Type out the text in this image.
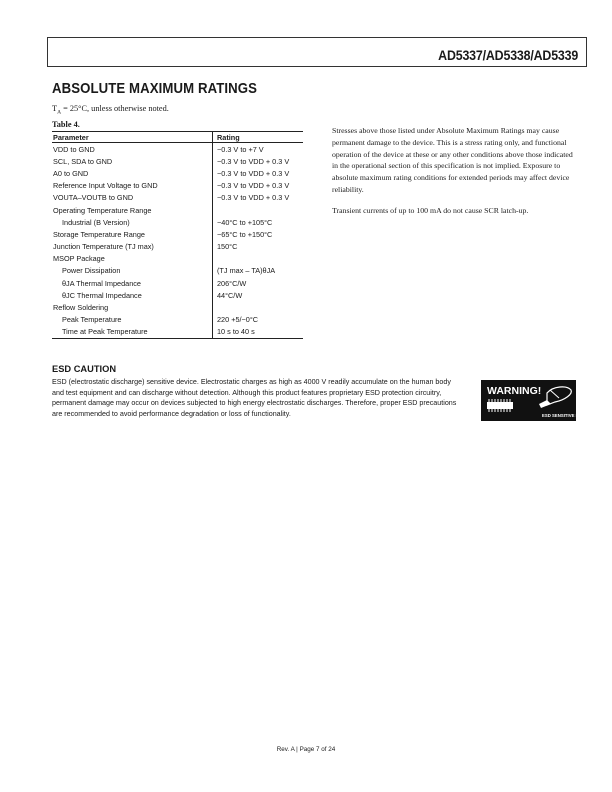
AD5337/AD5338/AD5339
ABSOLUTE MAXIMUM RATINGS
$T_A = 25^\circ C$, unless otherwise noted.
Table 4.
Parameter	Rating
VDD to GND	−0.3 V to +7 V
SCL, SDA to GND	−0.3 V to VDD + 0.3 V
A0 to GND	−0.3 V to VDD + 0.3 V
Reference Input Voltage to GND	−0.3 V to VDD + 0.3 V
VOUTA–VOUTB to GND	−0.3 V to VDD + 0.3 V
Operating Temperature Range	
Industrial (B Version)	−40°C to +105°C
Storage Temperature Range	−65°C to +150°C
Junction Temperature (TJ max)	150°C
MSOP Package	
Power Dissipation	(TJ max – TA)θJA
θJA Thermal Impedance	206°C/W
θJC Thermal Impedance	44°C/W
Reflow Soldering	
Peak Temperature	220 +5/−0°C
Time at Peak Temperature	10 s to 40 s

Stresses above those listed under Absolute Maximum Ratings may cause permanent damage to the device. This is a stress rating only, and functional operation of the device at these or any other conditions above those indicated in the operational section of this specification is not implied. Exposure to absolute maximum rating conditions for extended periods may affect device reliability.

Transient currents of up to 100 mA do not cause SCR latch-up.

ESD CAUTION
ESD (electrostatic discharge) sensitive device. Electrostatic charges as high as 4000 V readily accumulate on the human body and test equipment and can discharge without detection. Although this product features proprietary ESD protection circuitry, permanent damage may occur on devices subjected to high energy electrostatic discharges. Therefore, proper ESD precautions are recommended to avoid performance degradation or loss of functionality.
WARNING!
ESD SENSITIVE DEVICE
Rev. A | Page 7 of 24
